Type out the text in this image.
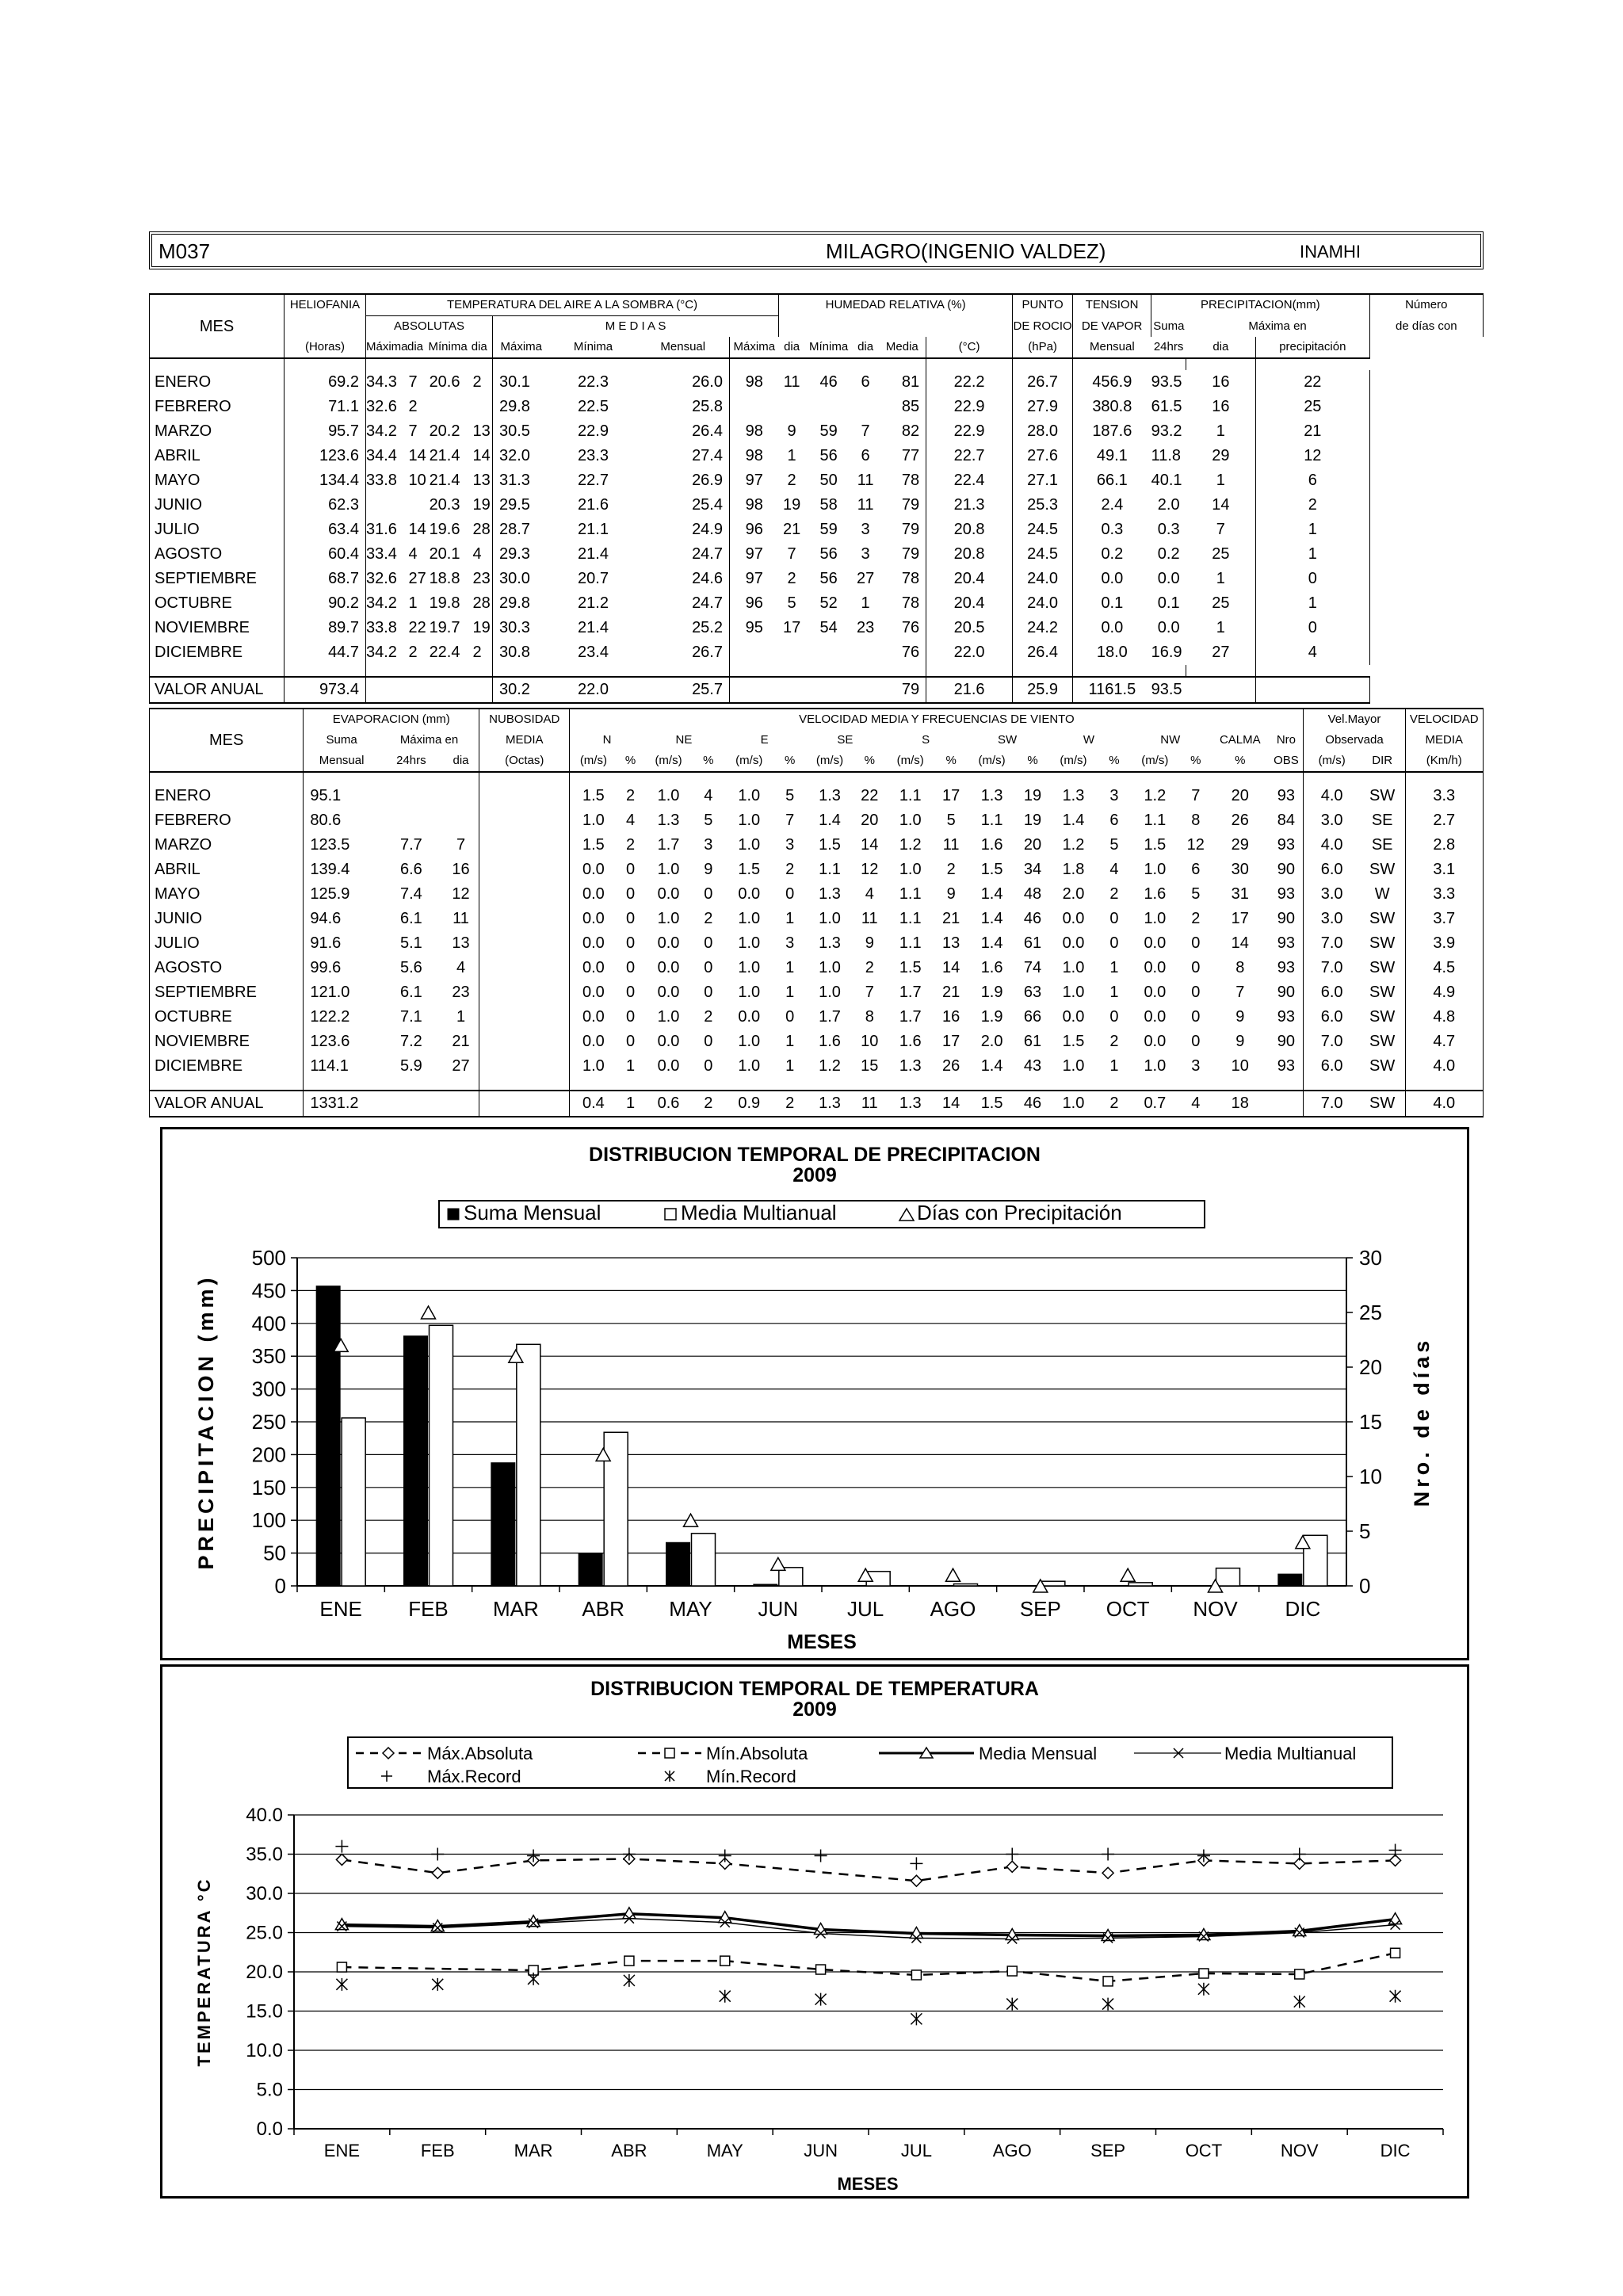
M037	MILAGRO(INGENIO VALDEZ)	INAMHI
MES	HELIOFANIA	TEMPERATURA DEL AIRE A LA SOMBRA (°C)								HUMEDAD RELATIVA (%)					PUNTO	TENSION	PRECIPITACION(mm)			Número
		ABSOLUTAS				M E D I A S									DE ROCIO	DE VAPOR	Suma	Máxima en		de días con
	(Horas)	Máxima	dia	Mínima	dia	Máxima	Mínima	Mensual	Máxima	dia	Mínima	dia	Media	(°C)	(hPa)	Mensual	24hrs	dia	precipitación	

ENERO	69.2	34.3	7	20.6	2	30.1	22.3	26.0	98	11	46	6	81	22.2	26.7	456.9	93.5	16	22	
FEBRERO	71.1	32.6	2			29.8	22.5	25.8					85	22.9	27.9	380.8	61.5	16	25	
MARZO	95.7	34.2	7	20.2	13	30.5	22.9	26.4	98	9	59	7	82	22.9	28.0	187.6	93.2	1	21	
ABRIL	123.6	34.4	14	21.4	14	32.0	23.3	27.4	98	1	56	6	77	22.7	27.6	49.1	11.8	29	12	
MAYO	134.4	33.8	10	21.4	13	31.3	22.7	26.9	97	2	50	11	78	22.4	27.1	66.1	40.1	1	6	
JUNIO	62.3			20.3	19	29.5	21.6	25.4	98	19	58	11	79	21.3	25.3	2.4	2.0	14	2	
JULIO	63.4	31.6	14	19.6	28	28.7	21.1	24.9	96	21	59	3	79	20.8	24.5	0.3	0.3	7	1	
AGOSTO	60.4	33.4	4	20.1	4	29.3	21.4	24.7	97	7	56	3	79	20.8	24.5	0.2	0.2	25	1	
SEPTIEMBRE	68.7	32.6	27	18.8	23	30.0	20.7	24.6	97	2	56	27	78	20.4	24.0	0.0	0.0	1	0	
OCTUBRE	90.2	34.2	1	19.8	28	29.8	21.2	24.7	96	5	52	1	78	20.4	24.0	0.1	0.1	25	1	
NOVIEMBRE	89.7	33.8	22	19.7	19	30.3	21.4	25.2	95	17	54	23	76	20.5	24.2	0.0	0.0	1	0	
DICIEMBRE	44.7	34.2	2	22.4	2	30.8	23.4	26.7					76	22.0	26.4	18.0	16.9	27	4	

VALOR ANUAL	973.4					30.2	22.0	25.7					79	21.6	25.9	1161.5	93.5			
MES	EVAPORACION (mm)			NUBOSIDAD	VELOCIDAD MEDIA Y FRECUENCIAS DE VIENTO																		Vel.Mayor		VELOCIDAD
	Suma	Máxima en		MEDIA	N		NE		E		SE		S		SW		W		NW		CALMA	Nro	Observada		MEDIA
	Mensual	24hrs	dia	(Octas)	(m/s)	%	(m/s)	%	(m/s)	%	(m/s)	%	(m/s)	%	(m/s)	%	(m/s)	%	(m/s)	%	%	OBS	(m/s)	DIR	(Km/h)

ENERO	95.1				1.5	2	1.0	4	1.0	5	1.3	22	1.1	17	1.3	19	1.3	3	1.2	7	20	93	4.0	SW	3.3
FEBRERO	80.6				1.0	4	1.3	5	1.0	7	1.4	20	1.0	5	1.1	19	1.4	6	1.1	8	26	84	3.0	SE	2.7
MARZO	123.5	7.7	7		1.5	2	1.7	3	1.0	3	1.5	14	1.2	11	1.6	20	1.2	5	1.5	12	29	93	4.0	SE	2.8
ABRIL	139.4	6.6	16		0.0	0	1.0	9	1.5	2	1.1	12	1.0	2	1.5	34	1.8	4	1.0	6	30	90	6.0	SW	3.1
MAYO	125.9	7.4	12		0.0	0	0.0	0	0.0	0	1.3	4	1.1	9	1.4	48	2.0	2	1.6	5	31	93	3.0	W	3.3
JUNIO	94.6	6.1	11		0.0	0	1.0	2	1.0	1	1.0	11	1.1	21	1.4	46	0.0	0	1.0	2	17	90	3.0	SW	3.7
JULIO	91.6	5.1	13		0.0	0	0.0	0	1.0	3	1.3	9	1.1	13	1.4	61	0.0	0	0.0	0	14	93	7.0	SW	3.9
AGOSTO	99.6	5.6	4		0.0	0	0.0	0	1.0	1	1.0	2	1.5	14	1.6	74	1.0	1	0.0	0	8	93	7.0	SW	4.5
SEPTIEMBRE	121.0	6.1	23		0.0	0	0.0	0	1.0	1	1.0	7	1.7	21	1.9	63	1.0	1	0.0	0	7	90	6.0	SW	4.9
OCTUBRE	122.2	7.1	1		0.0	0	1.0	2	0.0	0	1.7	8	1.7	16	1.9	66	0.0	0	0.0	0	9	93	6.0	SW	4.8
NOVIEMBRE	123.6	7.2	21		0.0	0	0.0	0	1.0	1	1.6	10	1.6	17	2.0	61	1.5	2	0.0	0	9	90	7.0	SW	4.7
DICIEMBRE	114.1	5.9	27		1.0	1	0.0	0	1.0	1	1.2	15	1.3	26	1.4	43	1.0	1	1.0	3	10	93	6.0	SW	4.0

VALOR ANUAL	1331.2				0.4	1	0.6	2	0.9	2	1.3	11	1.3	14	1.5	46	1.0	2	0.7	4	18		7.0	SW	4.0
DISTRIBUCION TEMPORAL DE PRECIPITACION
2009
Suma Mensual	Media Multianual	Días con Precipitación
0
50
100
150
200
250
300
350
400
450
500
0
5
10
15
20
25
30
ENE FEB MAR ABR MAY JUN JUL AGO SEP OCT NOV DIC
MESES
PRECIPITACION (mm)	Nro. de días
DISTRIBUCION TEMPORAL DE TEMPERATURA
2009
Máx.Absoluta	Mín.Absoluta	Media Mensual	Media Multianual
Máx.Record	Mín.Record
0.0
5.0
10.0
15.0
20.0
25.0
30.0
35.0
40.0
ENE	FEB	MAR	ABR	MAY	JUN	JUL	AGO	SEP	OCT	NOV	DIC
MESES
TEMPERATURA °C
